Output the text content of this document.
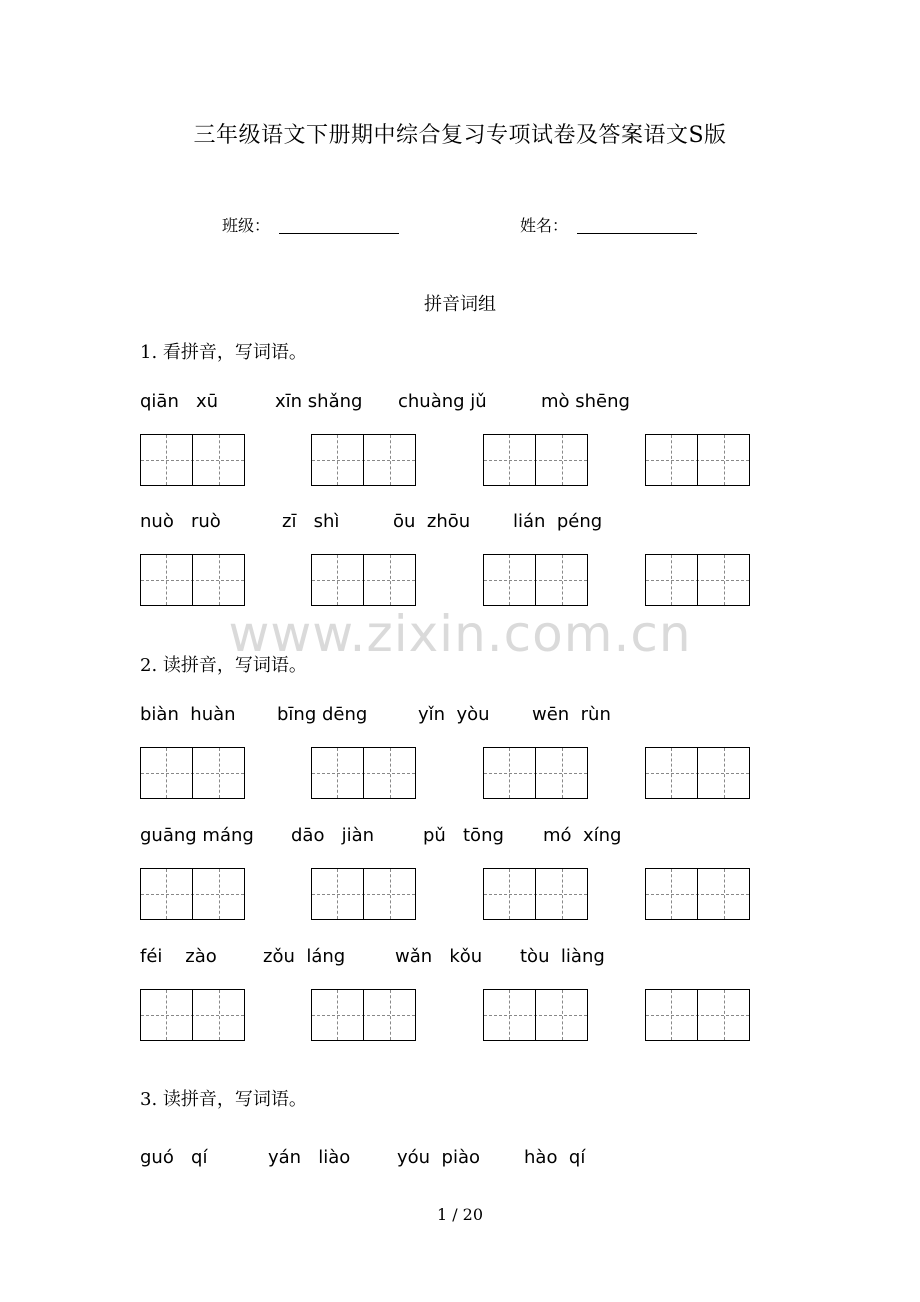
三年级语文下册期中综合复习专项试卷及答案语文S版
班级：	姓名：
拼音词组
1. 看拼音，写词语。
qiān   xū	xīn shǎng chuàng jǔ	mò shēng
nuò   ruò	zī   shì	ōu  zhōu lián  péng
www.zixin.com.cn
2. 读拼音，写词语。
biàn  huàn bīng dēng	yǐn  yòu wēn  rùn
guāng máng dāo   jiàn	pǔ   tōng mó  xíng
féi    zào	zǒu  láng	wǎn   kǒu tòu  liàng
3. 读拼音，写词语。
guó   qí	yán   liào	yóu  piào hào  qí
1 / 20
